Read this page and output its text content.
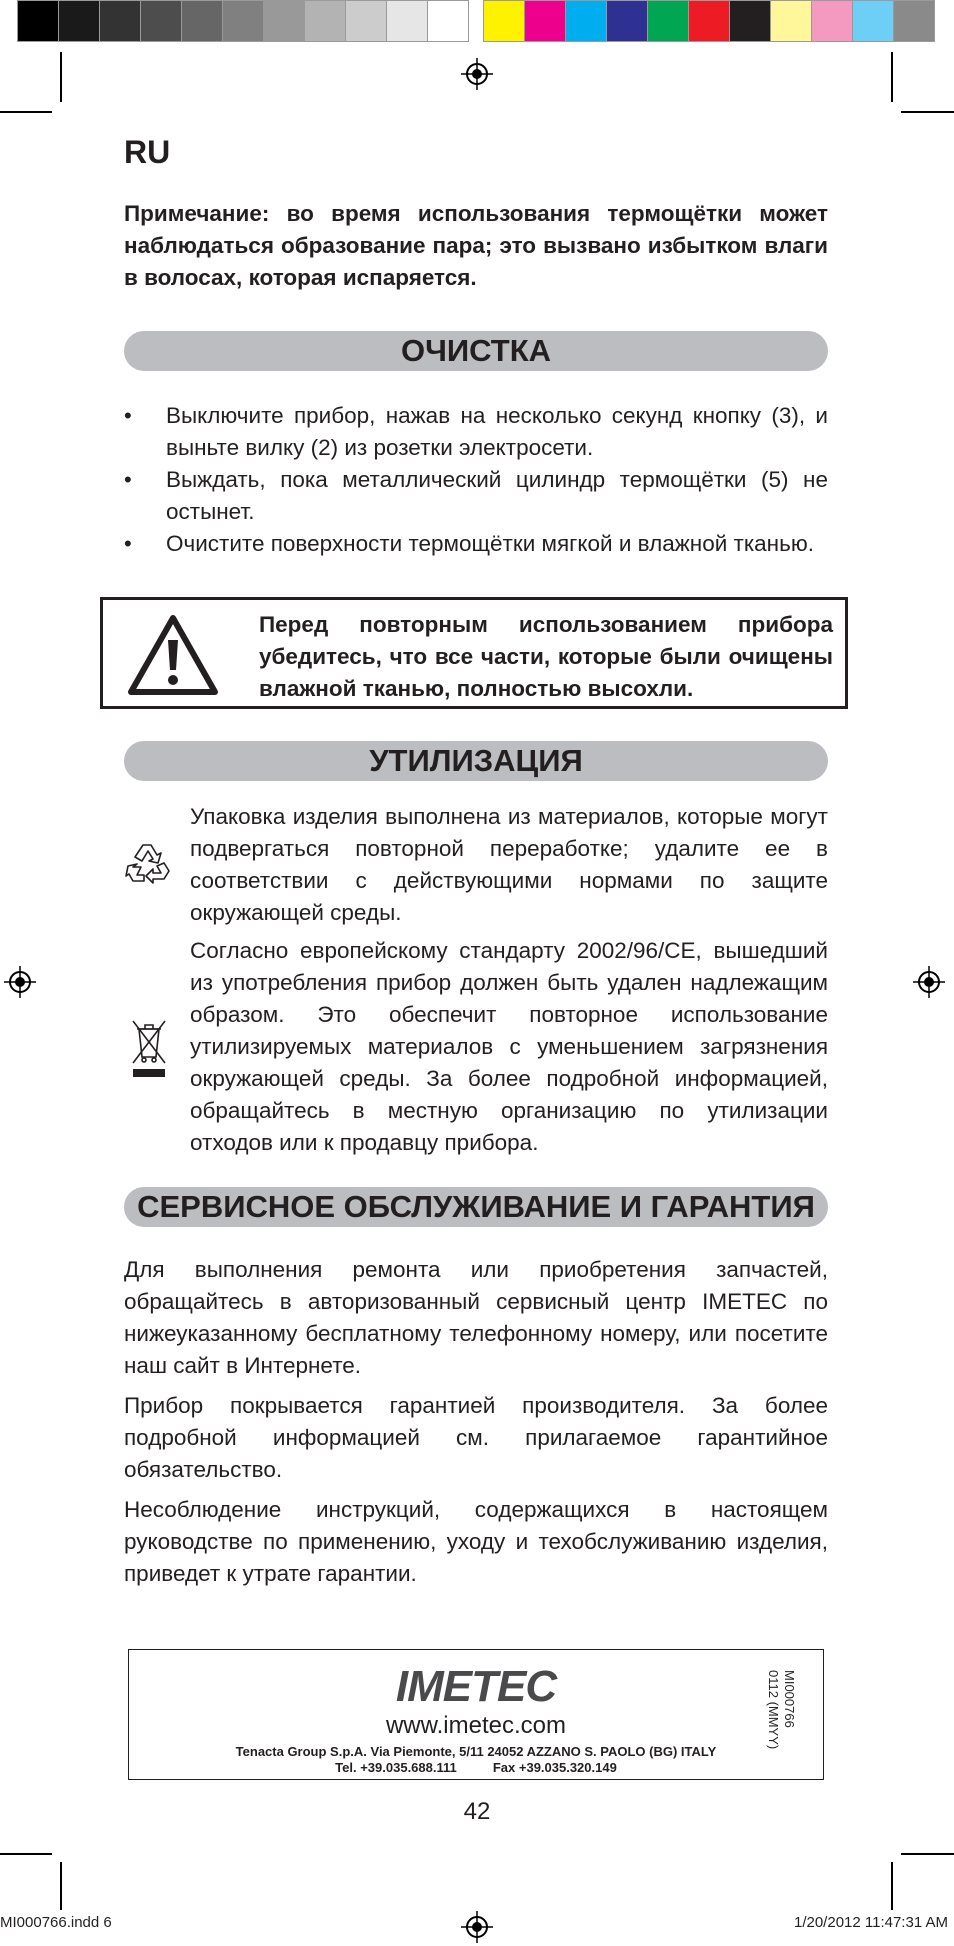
RU

Примечание: во время использования термощётки может наблюдаться образование пара; это вызвано избытком влаги в волосах, которая испаряется.

ОЧИСТКА
• Выключите прибор, нажав на несколько секунд кнопку (3), и выньте вилку (2) из розетки электросети.
• Выждать, пока металлический цилиндр термощётки (5) не остынет.
• Очистите поверхности термощётки мягкой и влажной тканью.

Перед повторным использованием прибора убедитесь, что все части, которые были очищены влажной тканью, полностью высохли.

УТИЛИЗАЦИЯ

Упаковка изделия выполнена из материалов, которые могут подвергаться повторной переработке; удалите ее в соответствии с действующими нормами по защите окружающей среды.

Согласно европейскому стандарту 2002/96/CE, вышедший из употребления прибор должен быть удален надлежащим образом. Это обеспечит повторное использование утилизируемых материалов с уменьшением загрязнения окружающей среды. За более подробной информацией, обращайтесь в местную организацию по утилизации отходов или к продавцу прибора.

СЕРВИСНОЕ ОБСЛУЖИВАНИЕ И ГАРАНТИЯ

Для выполнения ремонта или приобретения запчастей, обращайтесь в авторизованный сервисный центр IMETEC по нижеуказанному бесплатному телефонному номеру, или посетите наш сайт в Интернете.

Прибор покрывается гарантией производителя. За более подробной информацией см. прилагаемое гарантийное обязательство.

Несоблюдение инструкций, содержащихся в настоящем руководстве по применению, уходу и техобслуживанию изделия, приведет к утрате гарантии.

IMETEC
www.imetec.com
Tenacta Group S.p.A. Via Piemonte, 5/11 24052 AZZANO S. PAOLO (BG) ITALY
Tel. +39.035.688.111          Fax +39.035.320.149
MI000766
0112 (MMYY)
42
MI000766.indd 6	1/20/2012 11:47:31 AM
